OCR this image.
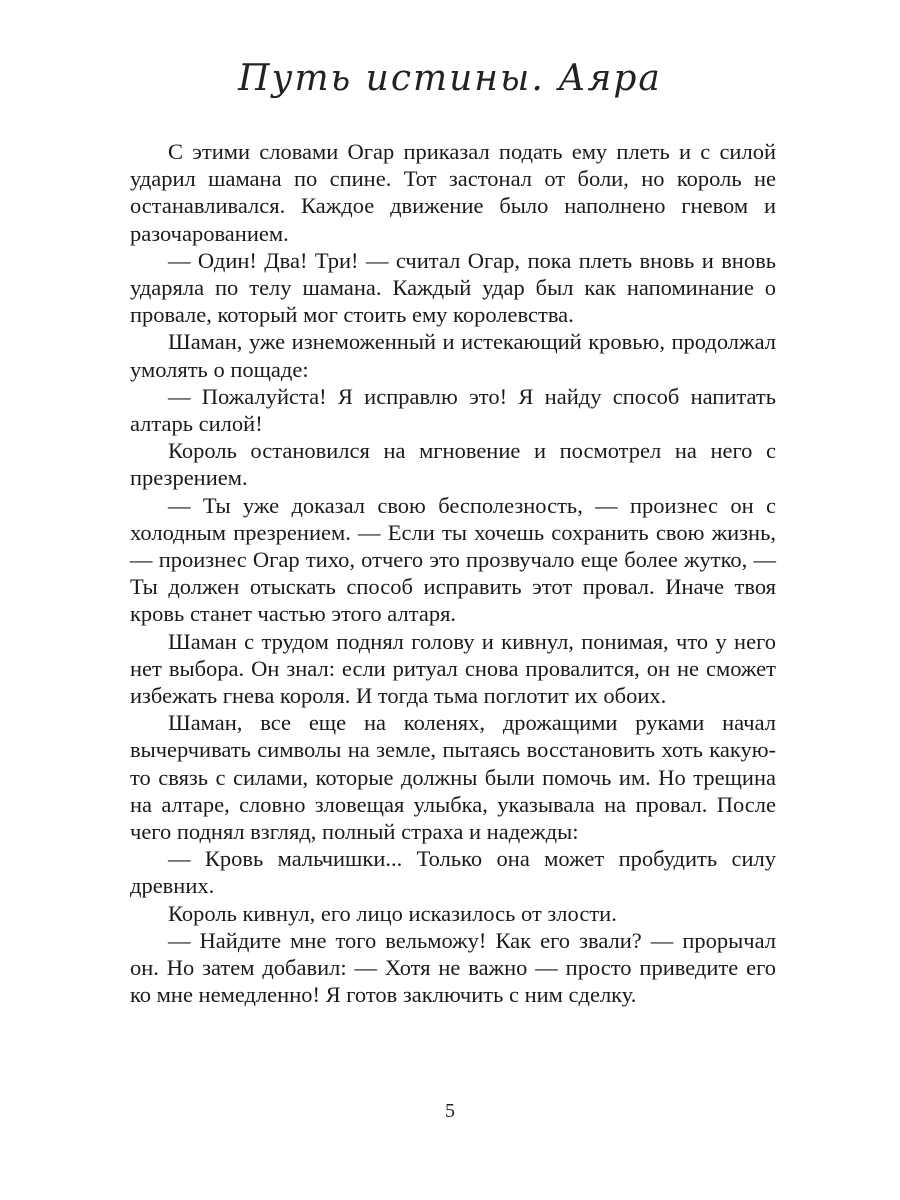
Путь истины. Аяра

С этими словами Огар приказал подать ему плеть и с силой ударил шамана по спине. Тот застонал от боли, но король не останавливался. Каждое движение было наполнено гневом и разочарованием.

— Один! Два! Три! — считал Огар, пока плеть вновь и вновь ударяла по телу шамана. Каждый удар был как напоминание о провале, который мог стоить ему королевства.

Шаман, уже изнеможенный и истекающий кровью, продолжал умолять о пощаде:

— Пожалуйста! Я исправлю это! Я найду способ напитать алтарь силой!

Король остановился на мгновение и посмотрел на него с презрением.

— Ты уже доказал свою бесполезность, — произнес он с холодным презрением. — Если ты хочешь сохранить свою жизнь, — произнес Огар тихо, отчего это прозвучало еще более жутко, — Ты должен отыскать способ исправить этот провал. Иначе твоя кровь станет частью этого алтаря.

Шаман с трудом поднял голову и кивнул, понимая, что у него нет выбора. Он знал: если ритуал снова провалится, он не сможет избежать гнева короля. И тогда тьма поглотит их обоих.

Шаман, все еще на коленях, дрожащими руками начал вычерчивать символы на земле, пытаясь восстановить хоть какую-то связь с силами, которые должны были помочь им. Но трещина на алтаре, словно зловещая улыбка, указывала на провал. После чего поднял взгляд, полный страха и надежды:

— Кровь мальчишки... Только она может пробудить силу древних.

Король кивнул, его лицо исказилось от злости.

— Найдите мне того вельможу! Как его звали? — прорычал он. Но затем добавил: — Хотя не важно — просто приведите его ко мне немедленно! Я готов заключить с ним сделку.

5
